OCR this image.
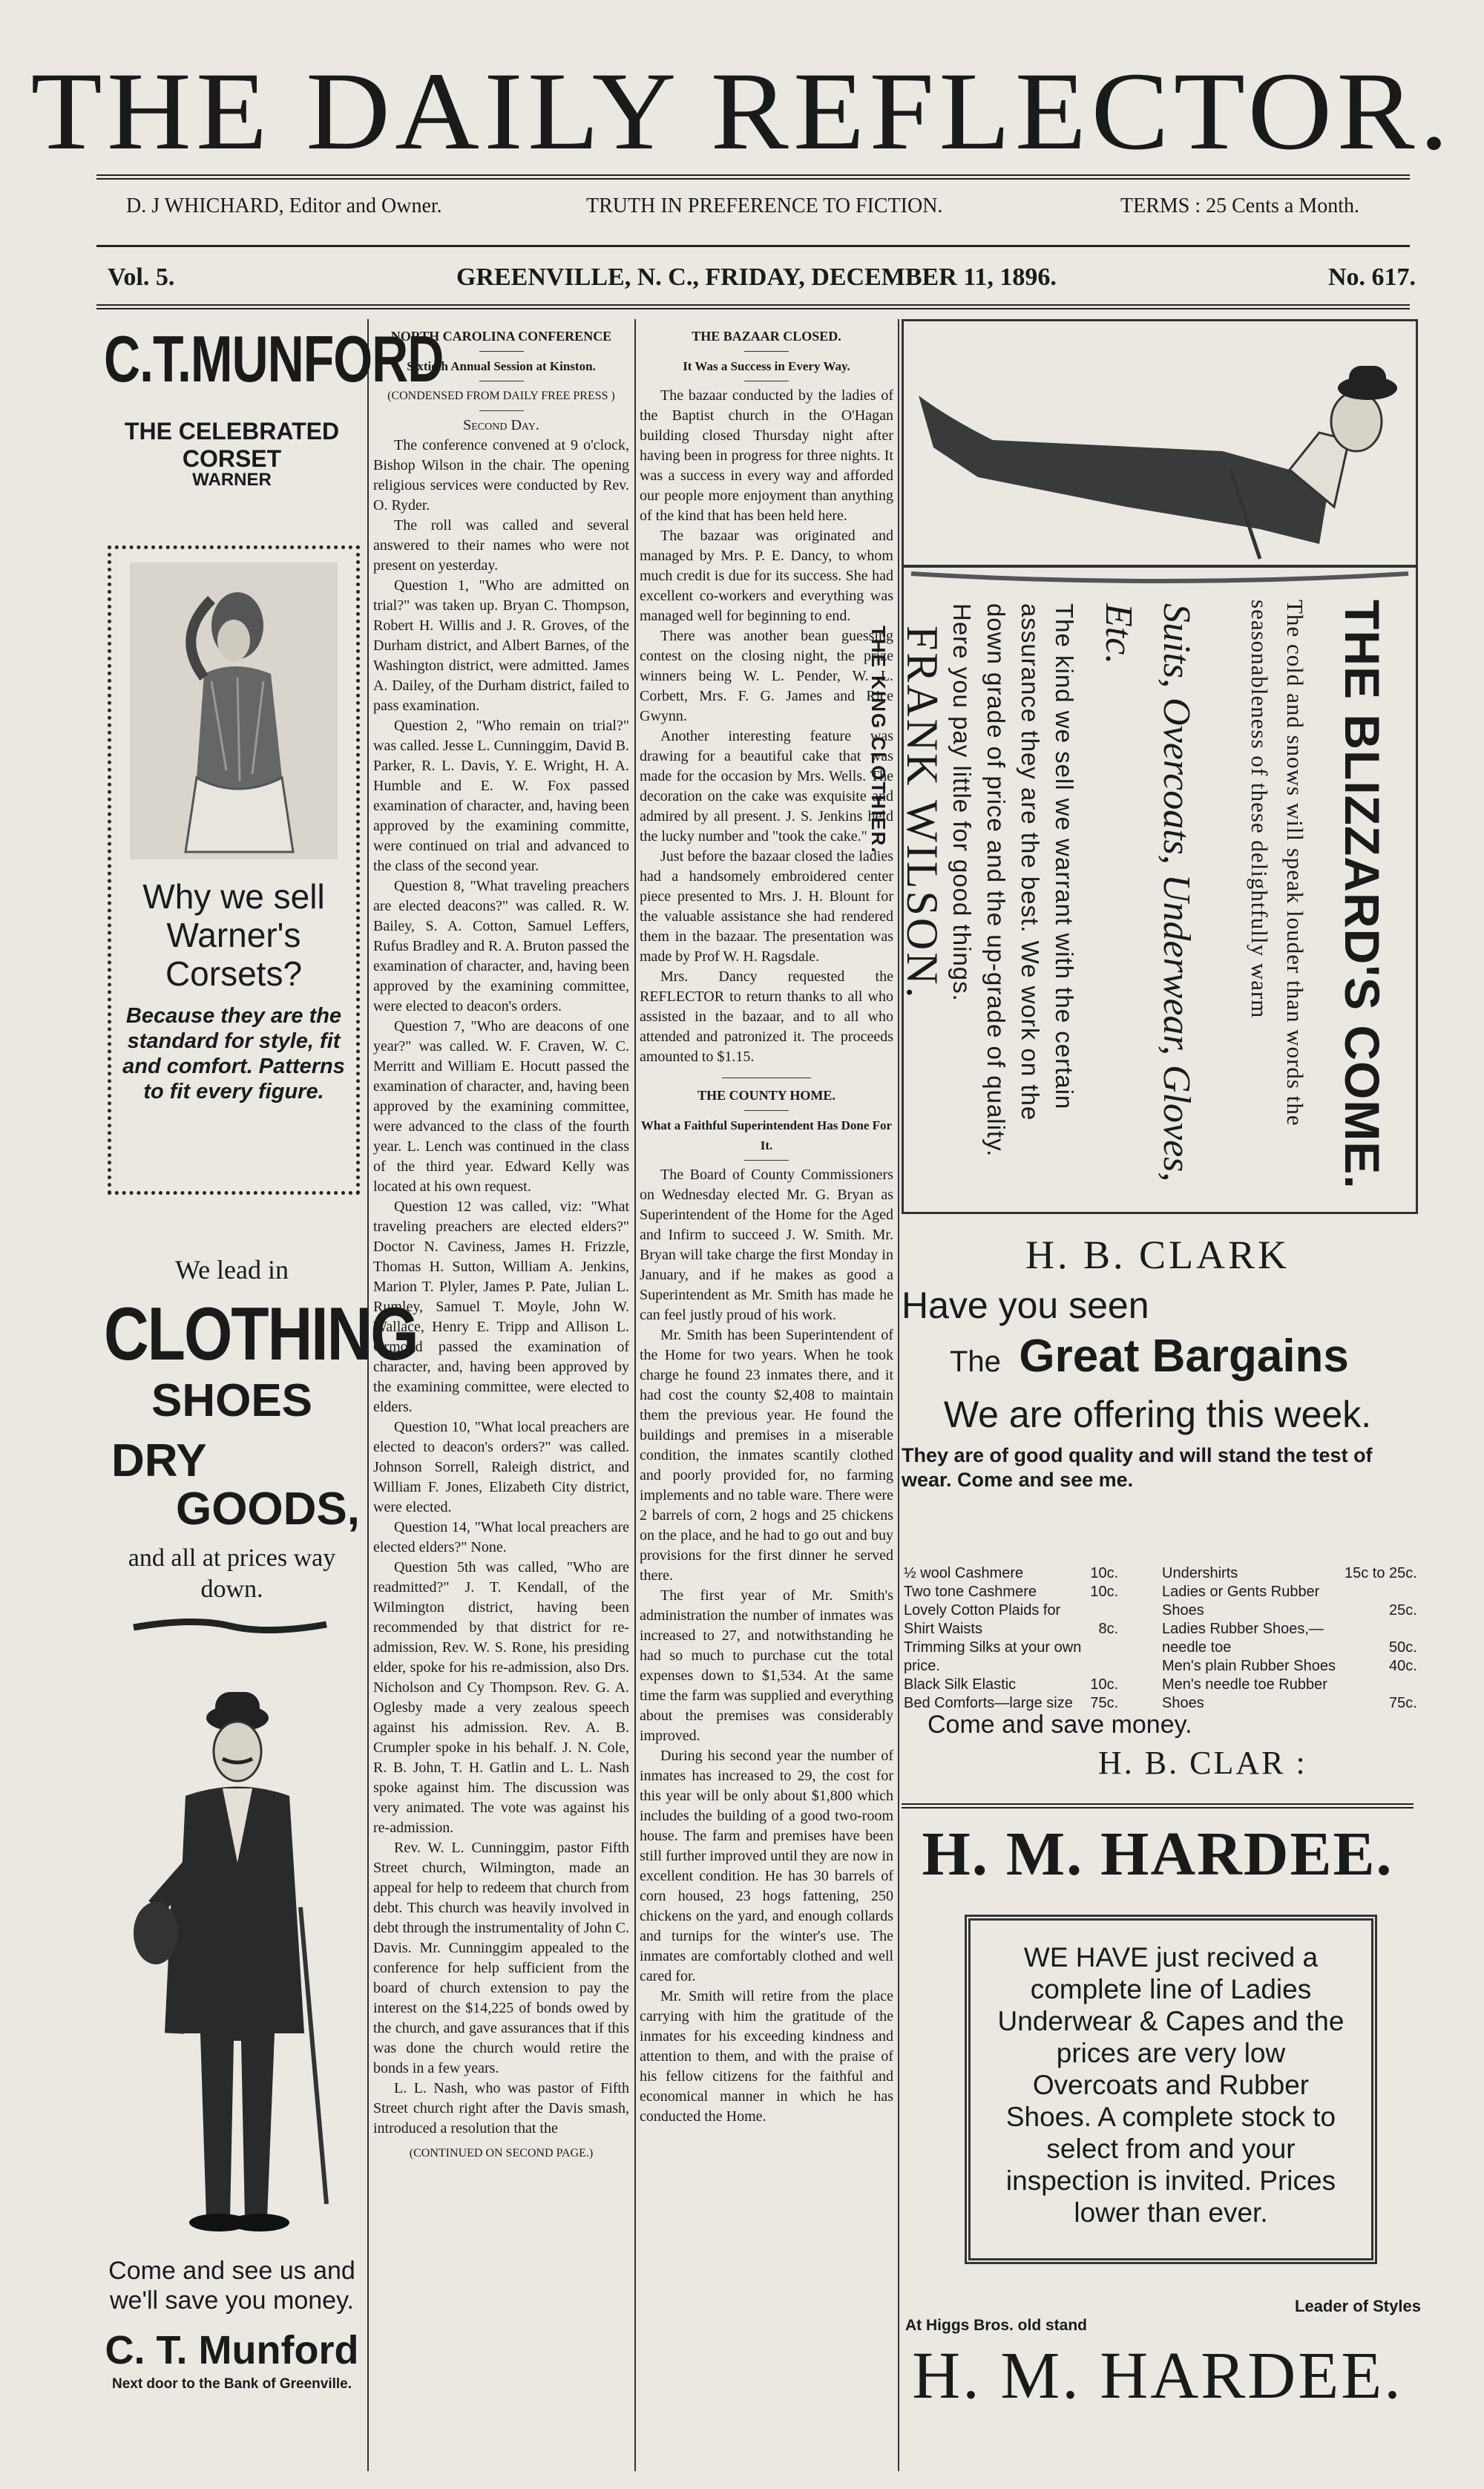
THE DAILY REFLECTOR.
D. J WHICHARD, Editor and Owner.	TRUTH IN PREFERENCE TO FICTION.	TERMS : 25 Cents a Month.
Vol. 5.	GREENVILLE, N. C., FRIDAY, DECEMBER 11, 1896.	No. 617.
C.T.MUNFORD
THE CELEBRATED CORSET
WARNER
Why we sell Warner's Corsets?
Because they are the standard for style, fit and comfort. Patterns to fit every figure.
We lead in
CLOTHING
SHOES
DRY
GOODS,
and all at prices way down.
Come and see us and we'll save you money.
C. T. Munford
Next door to the Bank of Greenville.
NORTH CAROLINA CONFERENCE
Sixtieth Annual Session at Kinston.
(CONDENSED FROM DAILY FREE PRESS )
Second Day.

The conference convened at 9 o'clock, Bishop Wilson in the chair. The opening religious services were conducted by Rev. O. Ryder.

The roll was called and several answered to their names who were not present on yesterday.

Question 1, "Who are admitted on trial?" was taken up. Bryan C. Thompson, Robert H. Willis and J. R. Groves, of the Durham district, and Albert Barnes, of the Washington district, were admitted. James A. Dailey, of the Durham district, failed to pass examination.

Question 2, "Who remain on trial?" was called. Jesse L. Cunninggim, David B. Parker, R. L. Davis, Y. E. Wright, H. A. Humble and E. W. Fox passed examination of character, and, having been approved by the examining committe, were continued on trial and advanced to the class of the second year.

Question 8, "What traveling preachers are elected deacons?" was called. R. W. Bailey, S. A. Cotton, Samuel Leffers, Rufus Bradley and R. A. Bruton passed the examination of character, and, having been approved by the examining committee, were elected to deacon's orders.

Question 7, "Who are deacons of one year?" was called. W. F. Craven, W. C. Merritt and William E. Hocutt passed the examination of character, and, having been approved by the examining committee, were advanced to the class of the fourth year. L. Lench was continued in the class of the third year. Edward Kelly was located at his own request.

Question 12 was called, viz: "What traveling preachers are elected elders?" Doctor N. Caviness, James H. Frizzle, Thomas H. Sutton, William A. Jenkins, Marion T. Plyler, James P. Pate, Julian L. Rumley, Samuel T. Moyle, John W. Wallace, Henry E. Tripp and Allison L. Ormond passed the examination of character, and, having been approved by the examining committee, were elected to elders.

Question 10, "What local preachers are elected to deacon's orders?" was called. Johnson Sorrell, Raleigh district, and William F. Jones, Elizabeth City district, were elected.

Question 14, "What local preachers are elected elders?" None.

Question 5th was called, "Who are readmitted?" J. T. Kendall, of the Wilmington district, having been recommended by that district for re-admission, Rev. W. S. Rone, his presiding elder, spoke for his re-admission, also Drs. Nicholson and Cy Thompson. Rev. G. A. Oglesby made a very zealous speech against his admission. Rev. A. B. Crumpler spoke in his behalf. J. N. Cole, R. B. John, T. H. Gatlin and L. L. Nash spoke against him. The discussion was very animated. The vote was against his re-admission.

Rev. W. L. Cunninggim, pastor Fifth Street church, Wilmington, made an appeal for help to redeem that church from debt. This church was heavily involved in debt through the instrumentality of John C. Davis. Mr. Cunninggim appealed to the conference for help sufficient from the board of church extension to pay the interest on the $14,225 of bonds owed by the church, and gave assurances that if this was done the church would retire the bonds in a few years.

L. L. Nash, who was pastor of Fifth Street church right after the Davis smash, introduced a resolution that the

(CONTINUED ON SECOND PAGE.)
THE BAZAAR CLOSED.
It Was a Success in Every Way.

The bazaar conducted by the ladies of the Baptist church in the O'Hagan building closed Thursday night after having been in progress for three nights. It was a success in every way and afforded our people more enjoyment than anything of the kind that has been held here.

The bazaar was originated and managed by Mrs. P. E. Dancy, to whom much credit is due for its success. She had excellent co-workers and everything was managed well for beginning to end.

There was another bean guessing contest on the closing night, the prize winners being W. L. Pender, W. L. Corbett, Mrs. F. G. James and Rice Gwynn.

Another interesting feature was drawing for a beautiful cake that was made for the occasion by Mrs. Wells. The decoration on the cake was exquisite and admired by all present. J. S. Jenkins held the lucky number and "took the cake."

Just before the bazaar closed the ladies had a handsomely embroidered center piece presented to Mrs. J. H. Blount for the valuable assistance she had rendered them in the bazaar. The presentation was made by Prof W. H. Ragsdale.

Mrs. Dancy requested the REFLECTOR to return thanks to all who assisted in the bazaar, and to all who attended and patronized it. The proceeds amounted to $1.15.

THE COUNTY HOME.
What a Faithful Superintendent Has Done For It.

The Board of County Commissioners on Wednesday elected Mr. G. Bryan as Superintendent of the Home for the Aged and Infirm to succeed J. W. Smith. Mr. Bryan will take charge the first Monday in January, and if he makes as good a Superintendent as Mr. Smith has made he can feel justly proud of his work.

Mr. Smith has been Superintendent of the Home for two years. When he took charge he found 23 inmates there, and it had cost the county $2,408 to maintain them the previous year. He found the buildings and premises in a miserable condition, the inmates scantily clothed and poorly provided for, no farming implements and no table ware. There were 2 barrels of corn, 2 hogs and 25 chickens on the place, and he had to go out and buy provisions for the first dinner he served there.

The first year of Mr. Smith's administration the number of inmates was increased to 27, and notwithstanding he had so much to purchase cut the total expenses down to $1,534. At the same time the farm was supplied and everything about the premises was considerably improved.

During his second year the number of inmates has increased to 29, the cost for this year will be only about $1,800 which includes the building of a good two-room house. The farm and premises have been still further improved until they are now in excellent condition. He has 30 barrels of corn housed, 23 hogs fattening, 250 chickens on the yard, and enough collards and turnips for the winter's use. The inmates are comfortably clothed and well cared for.

Mr. Smith will retire from the place carrying with him the gratitude of the inmates for his exceeding kindness and attention to them, and with the praise of his fellow citizens for the faithful and economical manner in which he has conducted the Home.

THE BLIZZARD'S COME.
The cold and snows will speak louder than words the seasonableness of these delightfully warm
Suits, Overcoats, Underwear, Gloves, Etc.
The kind we sell we warrant with the certain assurance they are the best. We work on the down grade of price and the up-grade of quality. Here you pay little for good things.
FRANK WILSON.
THE KING CLOTHIER.
H. B. CLARK
Have you seen
The Great Bargains
We are offering this week.
They are of good quality and will stand the test of wear. Come and see me.
½ wool Cashmere	10c.
Two tone Cashmere	10c.
Lovely Cotton Plaids for	
Shirt Waists	8c.
Trimming Silks at your own	
price.	
Black Silk Elastic	10c.
Bed Comforts—large size	75c.
Undershirts	15c to 25c.
Ladies or Gents Rubber	
Shoes	25c.
Ladies Rubber Shoes,—	
needle toe	50c.
Men's plain Rubber Shoes	40c.
Men's needle toe Rubber	
Shoes	75c.
Come and save money.
H. B. CLAR :
H. M. HARDEE.
WE HAVE just recived a complete line of Ladies Underwear & Capes and the prices are very low Overcoats and Rubber Shoes. A complete stock to select from and your inspection is invited. Prices lower than ever.
Leader of Styles
At Higgs Bros. old stand
H. M. HARDEE.
